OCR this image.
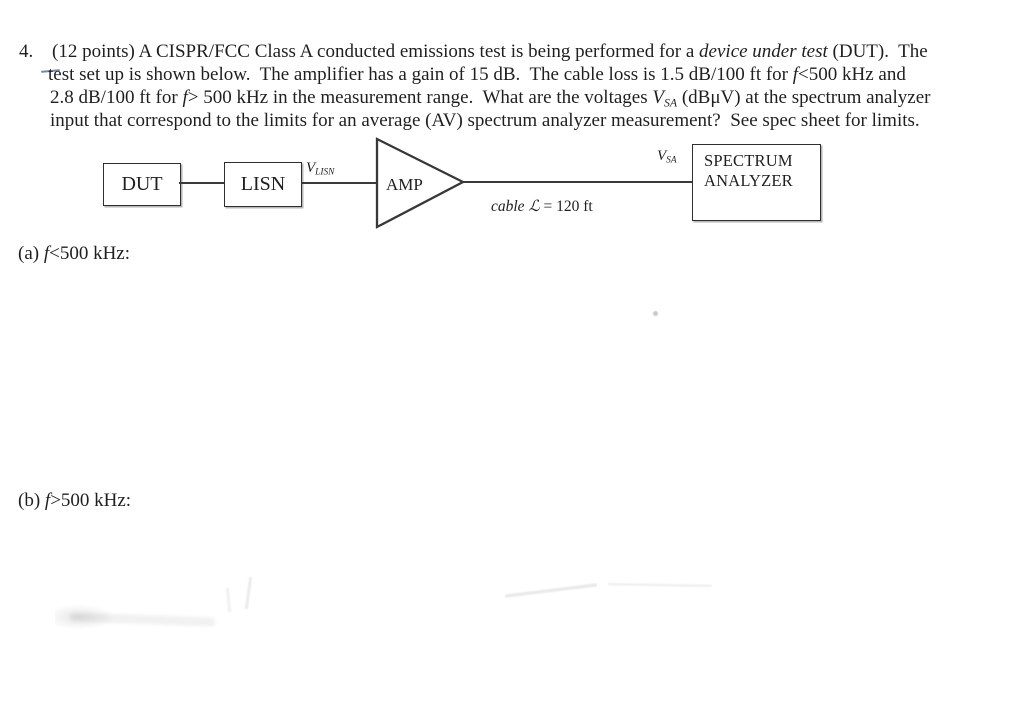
4. (12 points) A CISPR/FCC Class A conducted emissions test is being performed for a device under test (DUT).  The
test set up is shown below.  The amplifier has a gain of 15 dB.  The cable loss is 1.5 dB/100 ft for f<500 kHz and
2.8 dB/100 ft for f> 500 kHz in the measurement range.  What are the voltages $V_{SA}$ (dBμV) at the spectrum analyzer
input that correspond to the limits for an average (AV) spectrum analyzer measurement?  See spec sheet for limits.
DUT	LISN
$V_{LISN}$
AMP
cable ℒ = 120 ft
$V_{SA}$ SPECTRUM
ANALYZER
(a) f<500 kHz:
(b) f>500 kHz:
